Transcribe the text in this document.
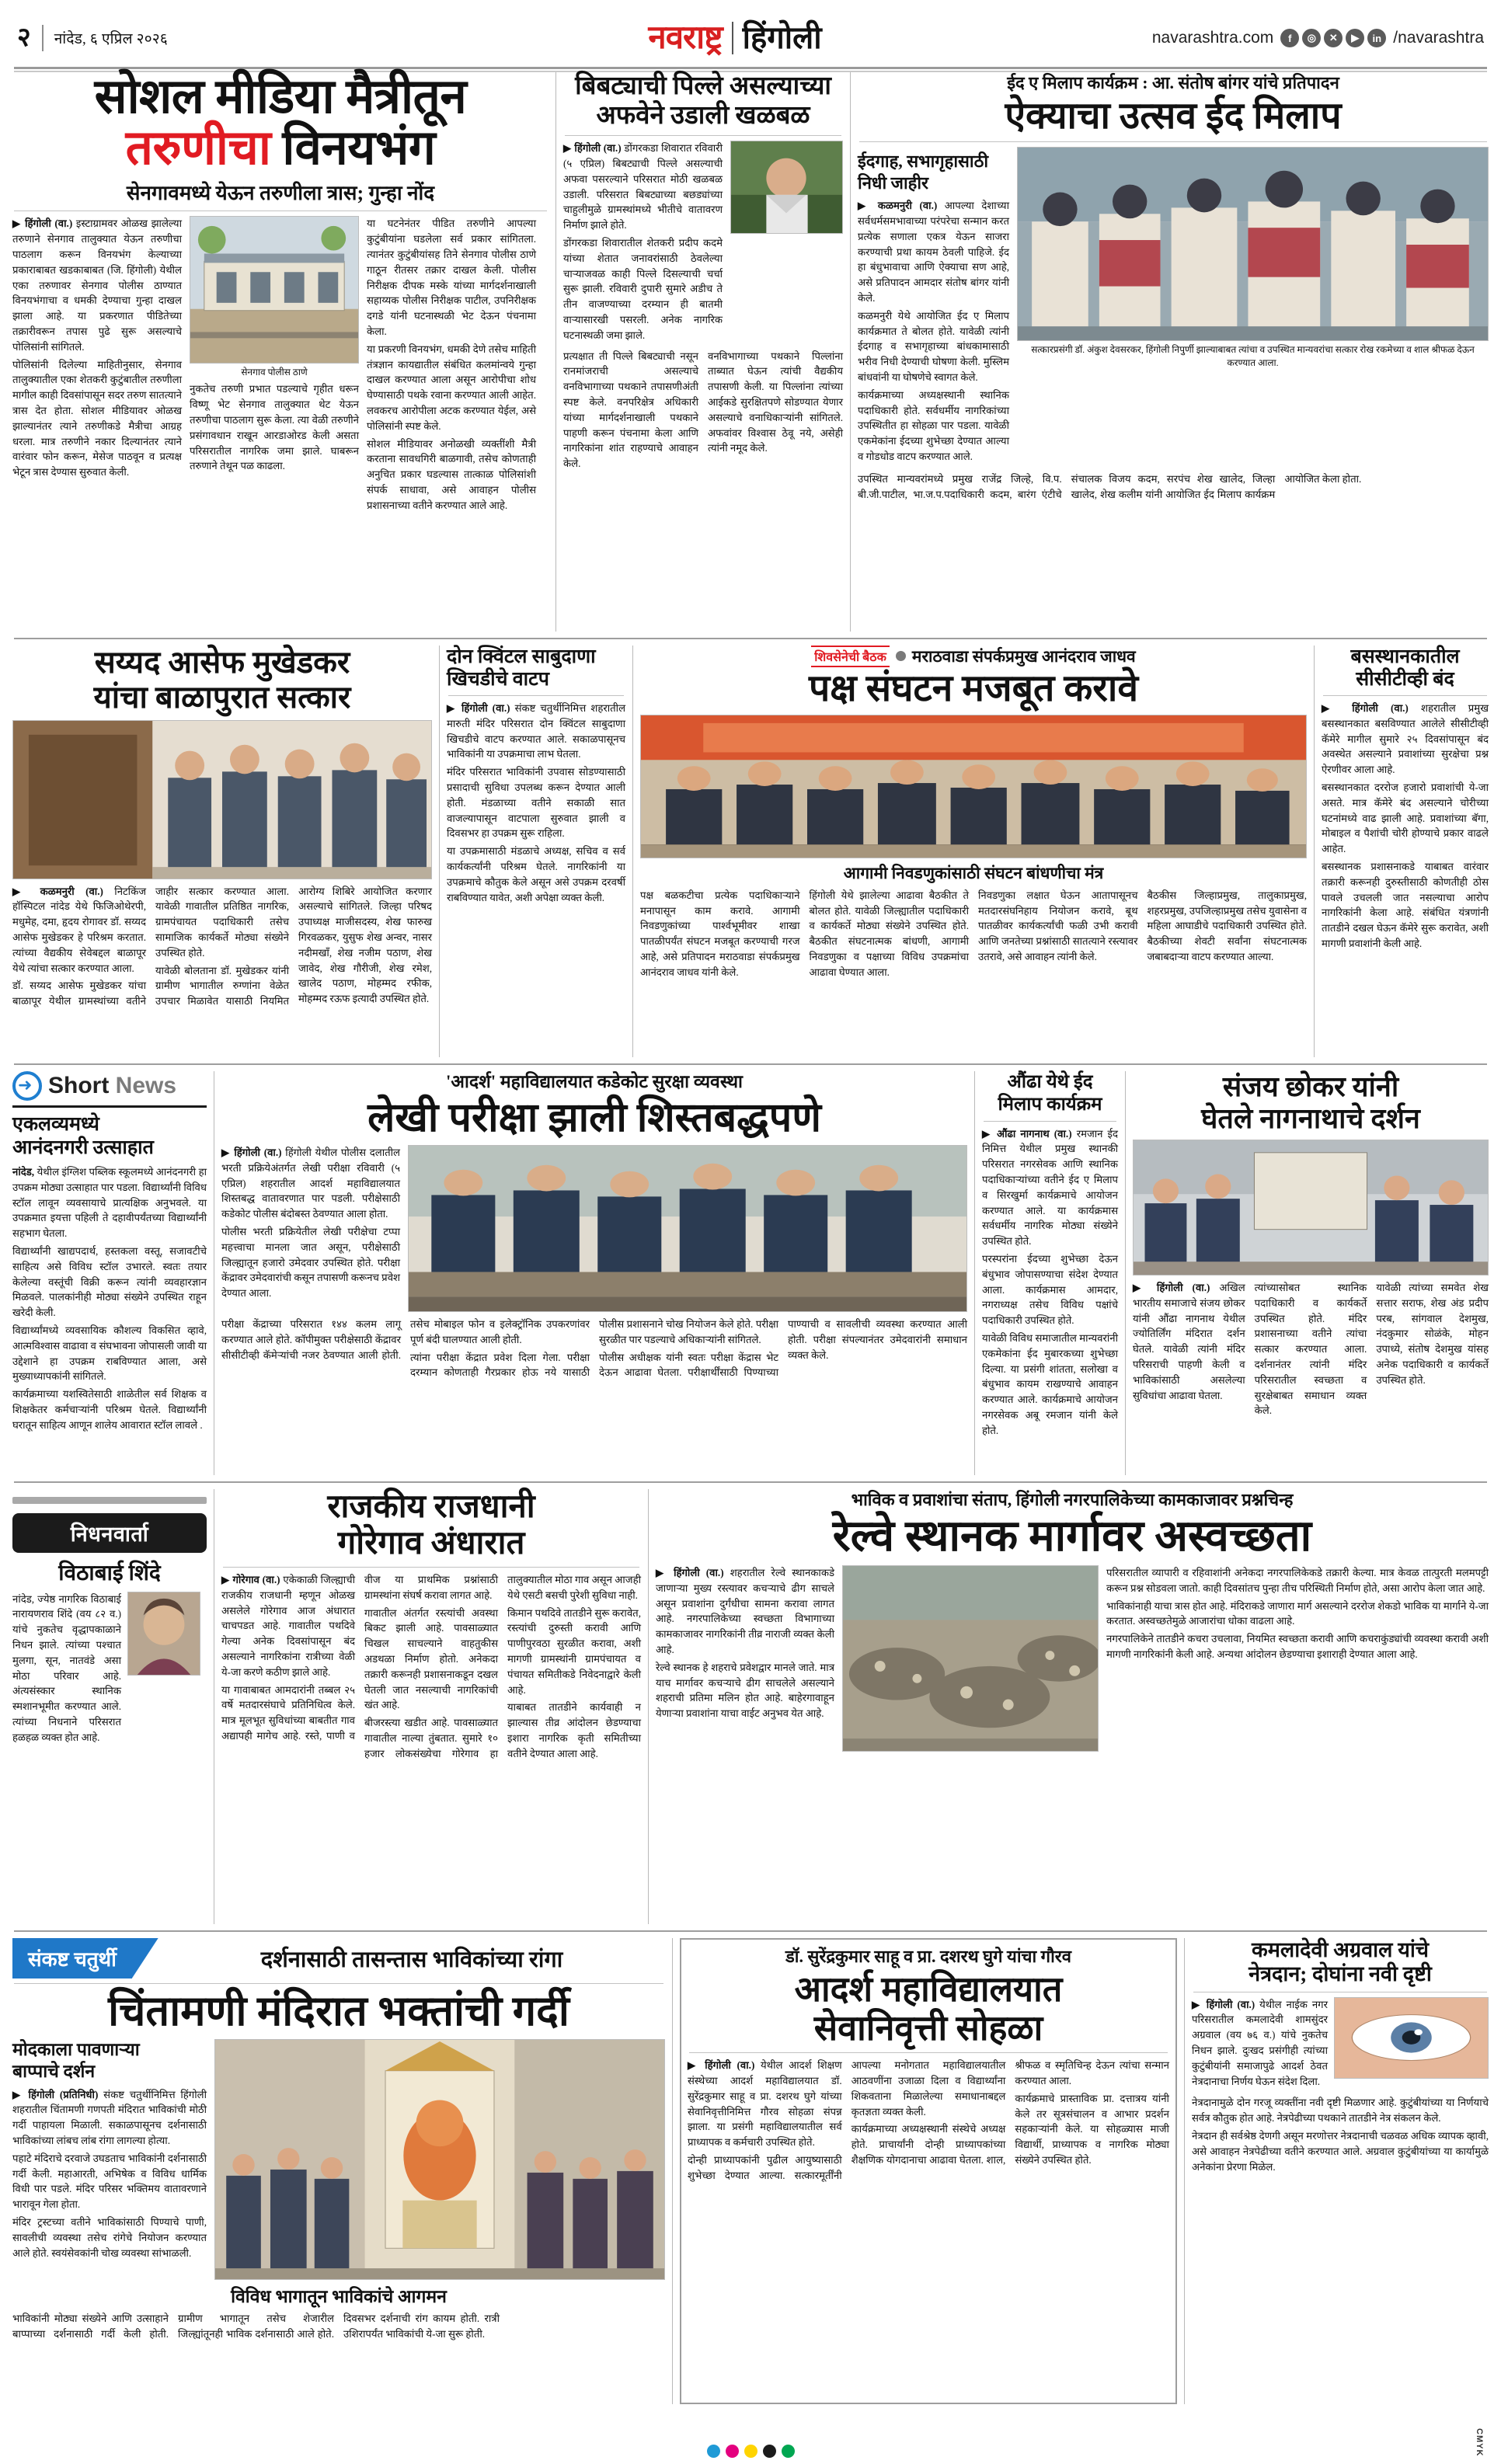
२ नांदेड, ६ एप्रिल २०२६	नवराष्ट्र हिंगोली	navarashtra.com	f	◎	✕	▶	in /navarashtra
सोशल मीडिया मैत्रीतून
तरुणीचा विनयभंग
सेनगावमध्ये येऊन तरुणीला त्रास; गुन्हा नोंद

▶ हिंगोली (वा.) इस्टाग्रामवर ओळख झालेल्या तरुणाने सेनगाव तालुक्यात येऊन तरुणीचा पाठलाग करून विनयभंग केल्याच्या प्रकाराबाबत खडकाबाबत (जि. हिंगोली) येथील एका तरुणावर सेनगाव पोलीस ठाण्यात विनयभंगाचा व धमकी देण्याचा गुन्हा दाखल झाला आहे. या प्रकरणात पीडितेच्या तक्रारीवरून तपास पुढे सुरू असल्याचे पोलिसांनी सांगितले.

पोलिसांनी दिलेल्या माहितीनुसार, सेनगाव तालुक्यातील एका शेतकरी कुटुंबातील तरुणीला मागील काही दिवसांपासून सदर तरुण सातत्याने त्रास देत होता. सोशल मीडियावर ओळख झाल्यानंतर त्याने तरुणीकडे मैत्रीचा आग्रह धरला. मात्र तरुणीने नकार दिल्यानंतर त्याने वारंवार फोन करून, मेसेज पाठवून व प्रत्यक्ष भेटून त्रास देण्यास सुरुवात केली.

सेनगाव पोलीस ठाणे

नुकतेच तरुणी प्रभात पडल्याचे गृहीत धरून विष्णू भेट सेनगाव तालुक्यात थेट येऊन तरुणीचा पाठलाग सुरू केला. त्या वेळी तरुणीने प्रसंगावधान राखून आरडाओरड केली असता परिसरातील नागरिक जमा झाले. घाबरून तरुणाने तेथून पळ काढला.

या घटनेनंतर पीडित तरुणीने आपल्या कुटुंबीयांना घडलेला सर्व प्रकार सांगितला. त्यानंतर कुटुंबीयांसह तिने सेनगाव पोलीस ठाणे गाठून रीतसर तक्रार दाखल केली. पोलीस निरीक्षक दीपक मस्के यांच्या मार्गदर्शनाखाली सहाय्यक पोलीस निरीक्षक पाटील, उपनिरीक्षक दगडे यांनी घटनास्थळी भेट देऊन पंचनामा केला.

या प्रकरणी विनयभंग, धमकी देणे तसेच माहिती तंत्रज्ञान कायद्यातील संबंधित कलमांन्वये गुन्हा दाखल करण्यात आला असून आरोपीचा शोध घेण्यासाठी पथके रवाना करण्यात आली आहेत. लवकरच आरोपीला अटक करण्यात येईल, असे पोलिसांनी स्पष्ट केले.

सोशल मीडियावर अनोळखी व्यक्तींशी मैत्री करताना सावधगिरी बाळगावी, तसेच कोणताही अनुचित प्रकार घडल्यास तात्काळ पोलिसांशी संपर्क साधावा, असे आवाहन पोलीस प्रशासनाच्या वतीने करण्यात आले आहे.

बिबट्याची पिल्ले असल्याच्या
अफवेने उडाली खळबळ

▶ हिंगोली (वा.) डोंगरकडा शिवारात रविवारी (५ एप्रिल) बिबट्याची पिल्ले असल्याची अफवा पसरल्याने परिसरात मोठी खळबळ उडाली. परिसरात बिबट्याच्या बछड्यांच्या चाहुलीमुळे ग्रामस्थांमध्ये भीतीचे वातावरण निर्माण झाले होते.

डोंगरकडा शिवारातील शेतकरी प्रदीप कदमे यांच्या शेतात जनावरांसाठी ठेवलेल्या चाऱ्याजवळ काही पिल्ले दिसल्याची चर्चा सुरू झाली. रविवारी दुपारी सुमारे अडीच ते तीन वाजण्याच्या दरम्यान ही बातमी वाऱ्यासारखी पसरली. अनेक नागरिक घटनास्थळी जमा झाले.

प्रत्यक्षात ती पिल्ले बिबट्याची नसून रानमांजराची असल्याचे वनविभागाच्या पथकाने तपासणीअंती स्पष्ट केले. वनपरिक्षेत्र अधिकारी यांच्या मार्गदर्शनाखाली पथकाने पाहणी करून पंचनामा केला आणि नागरिकांना शांत राहण्याचे आवाहन केले.

वनविभागाच्या पथकाने पिल्लांना ताब्यात घेऊन त्यांची वैद्यकीय तपासणी केली. या पिल्लांना त्यांच्या आईकडे सुरक्षितपणे सोडण्यात येणार असल्याचे वनाधिकाऱ्यांनी सांगितले. अफवांवर विश्वास ठेवू नये, असेही त्यांनी नमूद केले.

ईद ए मिलाप कार्यक्रम : आ. संतोष बांगर यांचे प्रतिपादन
ऐक्याचा उत्सव ईद मिलाप
ईदगाह, सभागृहासाठी निधी जाहीर

▶ कळमनुरी (वा.) आपल्या देशाच्या सर्वधर्मसमभावाच्या परंपरेचा सन्मान करत प्रत्येक सणाला एकत्र येऊन साजरा करण्याची प्रथा कायम ठेवली पाहिजे. ईद हा बंधुभावाचा आणि ऐक्याचा सण आहे, असे प्रतिपादन आमदार संतोष बांगर यांनी केले.

कळमनुरी येथे आयोजित ईद ए मिलाप कार्यक्रमात ते बोलत होते. यावेळी त्यांनी ईदगाह व सभागृहाच्या बांधकामासाठी भरीव निधी देण्याची घोषणा केली. मुस्लिम बांधवांनी या घोषणेचे स्वागत केले.

कार्यक्रमाच्या अध्यक्षस्थानी स्थानिक पदाधिकारी होते. सर्वधर्मीय नागरिकांच्या उपस्थितीत हा सोहळा पार पडला. यावेळी एकमेकांना ईदच्या शुभेच्छा देण्यात आल्या व गोडधोड वाटप करण्यात आले.

सत्कारप्रसंगी डॉ. अंकुश देवसरकर, हिंगोली निपुर्णी झाल्याबाबत त्यांचा व उपस्थित मान्यवरांचा सत्कार रोख रकमेच्या व शाल श्रीफळ देऊन करण्यात आला.

उपस्थित मान्यवरांमध्ये प्रमुख राजेंद्र जिल्हे, वि.प. बी.जी.पाटील, भा.ज.प.पदाधिकारी कदम, बारंग एंटीचे संचालक विजय कदम, सरपंच शेख खालेद, जिल्हा खालेद, शेख कलीम यांनी आयोजित ईद मिलाप कार्यक्रम आयोजित केला होता.

सय्यद आसेफ मुखेडकर
यांचा बाळापुरात सत्कार

▶ कळमनुरी (वा.) निटकिंज हॉस्पिटल नांदेड येथे फिजिओथेरपी, मधुमेह, दमा, हृदय रोगावर डॉ. सय्यद आसेफ मुखेडकर हे परिश्रम करतात. त्यांच्या वैद्यकीय सेवेबद्दल बाळापूर येथे त्यांचा सत्कार करण्यात आला.

डॉ. सय्यद आसेफ मुखेडकर यांचा बाळापूर येथील ग्रामस्थांच्या वतीने जाहीर सत्कार करण्यात आला. यावेळी गावातील प्रतिष्ठित नागरिक, ग्रामपंचायत पदाधिकारी तसेच सामाजिक कार्यकर्ते मोठ्या संख्येने उपस्थित होते.

यावेळी बोलताना डॉ. मुखेडकर यांनी ग्रामीण भागातील रुग्णांना वेळेत उपचार मिळावेत यासाठी नियमित आरोग्य शिबिरे आयोजित करणार असल्याचे सांगितले. जिल्हा परिषद उपाध्यक्ष माजीसदस्य, शेख फारुख गिरवळकर, युसुफ शेख अन्वर, नासर नदीमखाँ, शेख नजीम पठाण, शेख जावेद, शेख गौरीजी, शेख रमेश, खालेद पठाण, मोहम्मद रफीक, मोहम्मद रऊफ इत्यादी उपस्थित होते.

दोन क्विंटल साबुदाणा
खिचडीचे वाटप

▶ हिंगोली (वा.) संकष्ट चतुर्थीनिमित्त शहरातील मारुती मंदिर परिसरात दोन क्विंटल साबुदाणा खिचडीचे वाटप करण्यात आले. सकाळपासूनच भाविकांनी या उपक्रमाचा लाभ घेतला.

मंदिर परिसरात भाविकांनी उपवास सोडण्यासाठी प्रसादाची सुविधा उपलब्ध करून देण्यात आली होती. मंडळाच्या वतीने सकाळी सात वाजल्यापासून वाटपाला सुरुवात झाली व दिवसभर हा उपक्रम सुरू राहिला.

या उपक्रमासाठी मंडळाचे अध्यक्ष, सचिव व सर्व कार्यकर्त्यांनी परिश्रम घेतले. नागरिकांनी या उपक्रमाचे कौतुक केले असून असे उपक्रम दरवर्षी राबविण्यात यावेत, अशी अपेक्षा व्यक्त केली.

शिवसेनेची बैठक मराठवाडा संपर्कप्रमुख आनंदराव जाधव
पक्ष संघटन मजबूत करावे
आगामी निवडणुकांसाठी संघटन बांधणीचा मंत्र

पक्ष बळकटीचा प्रत्येक पदाधिकाऱ्याने मनापासून काम करावे. आगामी निवडणुकांच्या पार्श्वभूमीवर शाखा पातळीपर्यंत संघटन मजबूत करण्याची गरज आहे, असे प्रतिपादन मराठवाडा संपर्कप्रमुख आनंदराव जाधव यांनी केले.

हिंगोली येथे झालेल्या आढावा बैठकीत ते बोलत होते. यावेळी जिल्ह्यातील पदाधिकारी व कार्यकर्ते मोठ्या संख्येने उपस्थित होते. बैठकीत संघटनात्मक बांधणी, आगामी निवडणुका व पक्षाच्या विविध उपक्रमांचा आढावा घेण्यात आला.

निवडणुका लक्षात घेऊन आतापासूनच मतदारसंघनिहाय नियोजन करावे, बूथ पातळीवर कार्यकर्त्यांची फळी उभी करावी आणि जनतेच्या प्रश्नांसाठी सातत्याने रस्त्यावर उतरावे, असे आवाहन त्यांनी केले.

बैठकीस जिल्हाप्रमुख, तालुकाप्रमुख, शहरप्रमुख, उपजिल्हाप्रमुख तसेच युवासेना व महिला आघाडीचे पदाधिकारी उपस्थित होते. बैठकीच्या शेवटी सर्वांना संघटनात्मक जबाबदाऱ्या वाटप करण्यात आल्या.

बसस्थानकातील
सीसीटीव्ही बंद

▶ हिंगोली (वा.) शहरातील प्रमुख बसस्थानकात बसविण्यात आलेले सीसीटीव्ही कॅमेरे मागील सुमारे २५ दिवसांपासून बंद अवस्थेत असल्याने प्रवाशांच्या सुरक्षेचा प्रश्न ऐरणीवर आला आहे.

बसस्थानकात दररोज हजारो प्रवाशांची ये-जा असते. मात्र कॅमेरे बंद असल्याने चोरीच्या घटनांमध्ये वाढ झाली आहे. प्रवाशांच्या बॅगा, मोबाइल व पैशांची चोरी होण्याचे प्रकार वाढले आहेत.

बसस्थानक प्रशासनाकडे याबाबत वारंवार तक्रारी करूनही दुरुस्तीसाठी कोणतीही ठोस पावले उचलली जात नसल्याचा आरोप नागरिकांनी केला आहे. संबंधित यंत्रणांनी तातडीने दखल घेऊन कॅमेरे सुरू करावेत, अशी मागणी प्रवाशांनी केली आहे.

➜
Short News
एकलव्यमध्ये
आनंदनगरी उत्साहात

नांदेड, येथील इंग्लिश पब्लिक स्कूलमध्ये आनंदनगरी हा उपक्रम मोठ्या उत्साहात पार पडला. विद्यार्थ्यांनी विविध स्टॉल लावून व्यवसायाचे प्रात्यक्षिक अनुभवले. या उपक्रमात इयत्ता पहिली ते दहावीपर्यंतच्या विद्यार्थ्यांनी सहभाग घेतला.

विद्यार्थ्यांनी खाद्यपदार्थ, हस्तकला वस्तू, सजावटीचे साहित्य असे विविध स्टॉल उभारले. स्वतः तयार केलेल्या वस्तूंची विक्री करून त्यांनी व्यवहारज्ञान मिळवले. पालकांनीही मोठ्या संख्येने उपस्थित राहून खरेदी केली.

विद्यार्थ्यांमध्ये व्यवसायिक कौशल्य विकसित व्हावे, आत्मविश्वास वाढावा व संघभावना जोपासली जावी या उद्देशाने हा उपक्रम राबविण्यात आला, असे मुख्याध्यापकांनी सांगितले.

कार्यक्रमाच्या यशस्वितेसाठी शाळेतील सर्व शिक्षक व शिक्षकेतर कर्मचाऱ्यांनी परिश्रम घेतले. विद्यार्थ्यांनी घरातून साहित्य आणून शालेय आवारात स्टॉल लावले .

'आदर्श' महाविद्यालयात कडेकोट सुरक्षा व्यवस्था
लेखी परीक्षा झाली शिस्तबद्धपणे

▶ हिंगोली (वा.) हिंगोली येथील पोलीस दलातील भरती प्रक्रियेअंतर्गत लेखी परीक्षा रविवारी (५ एप्रिल) शहरातील आदर्श महाविद्यालयात शिस्तबद्ध वातावरणात पार पडली. परीक्षेसाठी कडेकोट पोलीस बंदोबस्त ठेवण्यात आला होता.

पोलीस भरती प्रक्रियेतील लेखी परीक्षेचा टप्पा महत्त्वाचा मानला जात असून, परीक्षेसाठी जिल्ह्यातून हजारो उमेदवार उपस्थित होते. परीक्षा केंद्रावर उमेदवारांची कसून तपासणी करूनच प्रवेश देण्यात आला.

परीक्षा केंद्राच्या परिसरात १४४ कलम लागू करण्यात आले होते. कॉपीमुक्त परीक्षेसाठी केंद्रावर सीसीटीव्ही कॅमेऱ्यांची नजर ठेवण्यात आली होती. तसेच मोबाइल फोन व इलेक्ट्रॉनिक उपकरणांवर पूर्ण बंदी घालण्यात आली होती.

त्यांना परीक्षा केंद्रात प्रवेश दिला गेला. परीक्षा दरम्यान कोणताही गैरप्रकार होऊ नये यासाठी पोलीस प्रशासनाने चोख नियोजन केले होते. परीक्षा सुरळीत पार पडल्याचे अधिकाऱ्यांनी सांगितले.

पोलीस अधीक्षक यांनी स्वतः परीक्षा केंद्रास भेट देऊन आढावा घेतला. परीक्षार्थींसाठी पिण्याच्या पाण्याची व सावलीची व्यवस्था करण्यात आली होती. परीक्षा संपल्यानंतर उमेदवारांनी समाधान व्यक्त केले.

औंढा येथे ईद
मिलाप कार्यक्रम

▶ औंढा नागनाथ (वा.) रमजान ईद निमित्त येथील प्रमुख स्थानकी परिसरात नगरसेवक आणि स्थानिक पदाधिकाऱ्यांच्या वतीने ईद ए मिलाप व सिरखुर्मा कार्यक्रमाचे आयोजन करण्यात आले. या कार्यक्रमास सर्वधर्मीय नागरिक मोठ्या संख्येने उपस्थित होते.

परस्परांना ईदच्या शुभेच्छा देऊन बंधुभाव जोपासण्याचा संदेश देण्यात आला. कार्यक्रमास आमदार, नगराध्यक्ष तसेच विविध पक्षांचे पदाधिकारी उपस्थित होते.

यावेळी विविध समाजातील मान्यवरांनी एकमेकांना ईद मुबारकच्या शुभेच्छा दिल्या. या प्रसंगी शांतता, सलोखा व बंधुभाव कायम राखण्याचे आवाहन करण्यात आले. कार्यक्रमाचे आयोजन नगरसेवक अबू रमजान यांनी केले होते.

संजय छोकर यांनी
घेतले नागनाथाचे दर्शन

▶ हिंगोली (वा.) अखिल भारतीय समाजाचे संजय छोकर यांनी औंढा नागनाथ येथील ज्योतिर्लिंग मंदिरात दर्शन घेतले. यावेळी त्यांनी मंदिर परिसराची पाहणी केली व भाविकांसाठी असलेल्या सुविधांचा आढावा घेतला.

त्यांच्यासोबत स्थानिक पदाधिकारी व कार्यकर्ते उपस्थित होते. मंदिर प्रशासनाच्या वतीने त्यांचा सत्कार करण्यात आला. दर्शनानंतर त्यांनी मंदिर परिसरातील स्वच्छता व सुरक्षेबाबत समाधान व्यक्त केले.

यावेळी त्यांच्या समवेत शेख सत्तार सराफ, शेख अंड प्रदीप परब, सांगवाल देशमुख, नंदकुमार सोळंके, मोहन उपाध्ये, संतोष देशमुख यांसह अनेक पदाधिकारी व कार्यकर्ते उपस्थित होते.

निधनवार्ता
विठाबाई शिंदे
नांदेड, ज्येष्ठ नागरिक विठाबाई नारायणराव शिंदे (वय ८२ व.) यांचे नुकतेच वृद्धापकाळाने निधन झाले. त्यांच्या पश्चात मुलगा, सून, नातवंडे असा मोठा परिवार आहे. अंत्यसंस्कार स्थानिक स्मशानभूमीत करण्यात आले. त्यांच्या निधनाने परिसरात हळहळ व्यक्त होत आहे.
राजकीय राजधानी
गोरेगाव अंधारात

▶ गोरेगाव (वा.) एकेकाळी जिल्ह्याची राजकीय राजधानी म्हणून ओळख असलेले गोरेगाव आज अंधारात चाचपडत आहे. गावातील पथदिवे गेल्या अनेक दिवसांपासून बंद असल्याने नागरिकांना रात्रीच्या वेळी ये-जा करणे कठीण झाले आहे.

या गावाबाबत आमदारांनी तब्बल २५ वर्षे मतदारसंघाचे प्रतिनिधित्व केले. मात्र मूलभूत सुविधांच्या बाबतीत गाव अद्यापही मागेच आहे. रस्ते, पाणी व वीज या प्राथमिक प्रश्नांसाठी ग्रामस्थांना संघर्ष करावा लागत आहे.

गावातील अंतर्गत रस्त्यांची अवस्था बिकट झाली आहे. पावसाळ्यात चिखल साचल्याने वाहतुकीस अडथळा निर्माण होतो. अनेकदा तक्रारी करूनही प्रशासनाकडून दखल घेतली जात नसल्याची नागरिकांची खंत आहे.

बीजरस्त्या खडीत आहे. पावसाळ्यात गावातील नाल्या तुंबतात. सुमारे १० हजार लोकसंख्येचा गोरेगाव हा तालुक्यातील मोठा गाव असून आजही येथे एसटी बसची पुरेशी सुविधा नाही.

किमान पथदिवे तातडीने सुरू करावेत, रस्त्यांची दुरुस्ती करावी आणि पाणीपुरवठा सुरळीत करावा, अशी मागणी ग्रामस्थांनी ग्रामपंचायत व पंचायत समितीकडे निवेदनाद्वारे केली आहे.

याबाबत तातडीने कार्यवाही न झाल्यास तीव्र आंदोलन छेडण्याचा इशारा नागरिक कृती समितीच्या वतीने देण्यात आला आहे.

भाविक व प्रवाशांचा संताप, हिंगोली नगरपालिकेच्या कामकाजावर प्रश्नचिन्ह
रेल्वे स्थानक मार्गावर अस्वच्छता

▶ हिंगोली (वा.) शहरातील रेल्वे स्थानकाकडे जाणाऱ्या मुख्य रस्त्यावर कचऱ्याचे ढीग साचले असून प्रवाशांना दुर्गंधीचा सामना करावा लागत आहे. नगरपालिकेच्या स्वच्छता विभागाच्या कामकाजावर नागरिकांनी तीव्र नाराजी व्यक्त केली आहे.

रेल्वे स्थानक हे शहराचे प्रवेशद्वार मानले जाते. मात्र याच मार्गावर कचऱ्याचे ढीग साचलेले असल्याने शहराची प्रतिमा मलिन होत आहे. बाहेरगावाहून येणाऱ्या प्रवाशांना याचा वाईट अनुभव येत आहे.

परिसरातील व्यापारी व रहिवाशांनी अनेकदा नगरपालिकेकडे तक्रारी केल्या. मात्र केवळ तात्पुरती मलमपट्टी करून प्रश्न सोडवला जातो. काही दिवसांतच पुन्हा तीच परिस्थिती निर्माण होते, असा आरोप केला जात आहे.

भाविकांनाही याचा त्रास होत आहे. मंदिराकडे जाणारा मार्ग असल्याने दररोज शेकडो भाविक या मार्गाने ये-जा करतात. अस्वच्छतेमुळे आजारांचा धोका वाढला आहे.

नगरपालिकेने तातडीने कचरा उचलावा, नियमित स्वच्छता करावी आणि कचराकुंड्यांची व्यवस्था करावी अशी मागणी नागरिकांनी केली आहे. अन्यथा आंदोलन छेडण्याचा इशाराही देण्यात आला आहे.

संकष्ट चतुर्थी	दर्शनासाठी तासन्तास भाविकांच्या रांगा
चिंतामणी मंदिरात भक्तांची गर्दी
मोदकाला पावणाऱ्या
बाप्पाचे दर्शन

▶ हिंगोली (प्रतिनिधी) संकष्ट चतुर्थीनिमित्त हिंगोली शहरातील चिंतामणी गणपती मंदिरात भाविकांची मोठी गर्दी पाहायला मिळाली. सकाळपासूनच दर्शनासाठी भाविकांच्या लांबच लांब रांगा लागल्या होत्या.

पहाटे मंदिराचे दरवाजे उघडताच भाविकांनी दर्शनासाठी गर्दी केली. महाआरती, अभिषेक व विविध धार्मिक विधी पार पडले. मंदिर परिसर भक्तिमय वातावरणाने भारावून गेला होता.

मंदिर ट्रस्टच्या वतीने भाविकांसाठी पिण्याचे पाणी, सावलीची व्यवस्था तसेच रांगेचे नियोजन करण्यात आले होते. स्वयंसेवकांनी चोख व्यवस्था सांभाळली.

विविध भागातून भाविकांचे आगमन

भाविकांनी मोठ्या संख्येने आणि उत्साहाने बाप्पाच्या दर्शनासाठी गर्दी केली होती. ग्रामीण भागातून तसेच शेजारील जिल्ह्यांतूनही भाविक दर्शनासाठी आले होते. दिवसभर दर्शनाची रांग कायम होती. रात्री उशिरापर्यंत भाविकांची ये-जा सुरू होती.

डॉ. सुरेंद्रकुमार साहू व प्रा. दशरथ घुगे यांचा गौरव
आदर्श महाविद्यालयात
सेवानिवृत्ती सोहळा

▶ हिंगोली (वा.) येथील आदर्श शिक्षण संस्थेच्या आदर्श महाविद्यालयात डॉ. सुरेंद्रकुमार साहू व प्रा. दशरथ घुगे यांच्या सेवानिवृत्तीनिमित्त गौरव सोहळा संपन्न झाला. या प्रसंगी महाविद्यालयातील सर्व प्राध्यापक व कर्मचारी उपस्थित होते.

दोन्ही प्राध्यापकांनी पुढील आयुष्यासाठी शुभेच्छा देण्यात आल्या. सत्कारमूर्तींनी आपल्या मनोगतात महाविद्यालयातील आठवणींना उजाळा दिला व विद्यार्थ्यांना शिकवताना मिळालेल्या समाधानाबद्दल कृतज्ञता व्यक्त केली.

कार्यक्रमाच्या अध्यक्षस्थानी संस्थेचे अध्यक्ष होते. प्राचार्यांनी दोन्ही प्राध्यापकांच्या शैक्षणिक योगदानाचा आढावा घेतला. शाल, श्रीफळ व स्मृतिचिन्ह देऊन त्यांचा सन्मान करण्यात आला.

कार्यक्रमाचे प्रास्ताविक प्रा. दत्तात्रय यांनी केले तर सूत्रसंचालन व आभार प्रदर्शन सहकाऱ्यांनी केले. या सोहळ्यास माजी विद्यार्थी, प्राध्यापक व नागरिक मोठ्या संख्येने उपस्थित होते.

कमलादेवी अग्रवाल यांचे
नेत्रदान; दोघांना नवी दृष्टी

▶ हिंगोली (वा.) येथील नाईक नगर परिसरातील कमलादेवी शामसुंदर अग्रवाल (वय ७६ व.) यांचे नुकतेच निधन झाले. दुःखद प्रसंगीही त्यांच्या कुटुंबीयांनी समाजापुढे आदर्श ठेवत नेत्रदानाचा निर्णय घेऊन संदेश दिला.

नेत्रदानामुळे दोन गरजू व्यक्तींना नवी दृष्टी मिळणार आहे. कुटुंबीयांच्या या निर्णयाचे सर्वत्र कौतुक होत आहे. नेत्रपेढीच्या पथकाने तातडीने नेत्र संकलन केले.

नेत्रदान ही सर्वश्रेष्ठ देणगी असून मरणोत्तर नेत्रदानाची चळवळ अधिक व्यापक व्हावी, असे आवाहन नेत्रपेढीच्या वतीने करण्यात आले. अग्रवाल कुटुंबीयांच्या या कार्यामुळे अनेकांना प्रेरणा मिळेल.

CMYK
